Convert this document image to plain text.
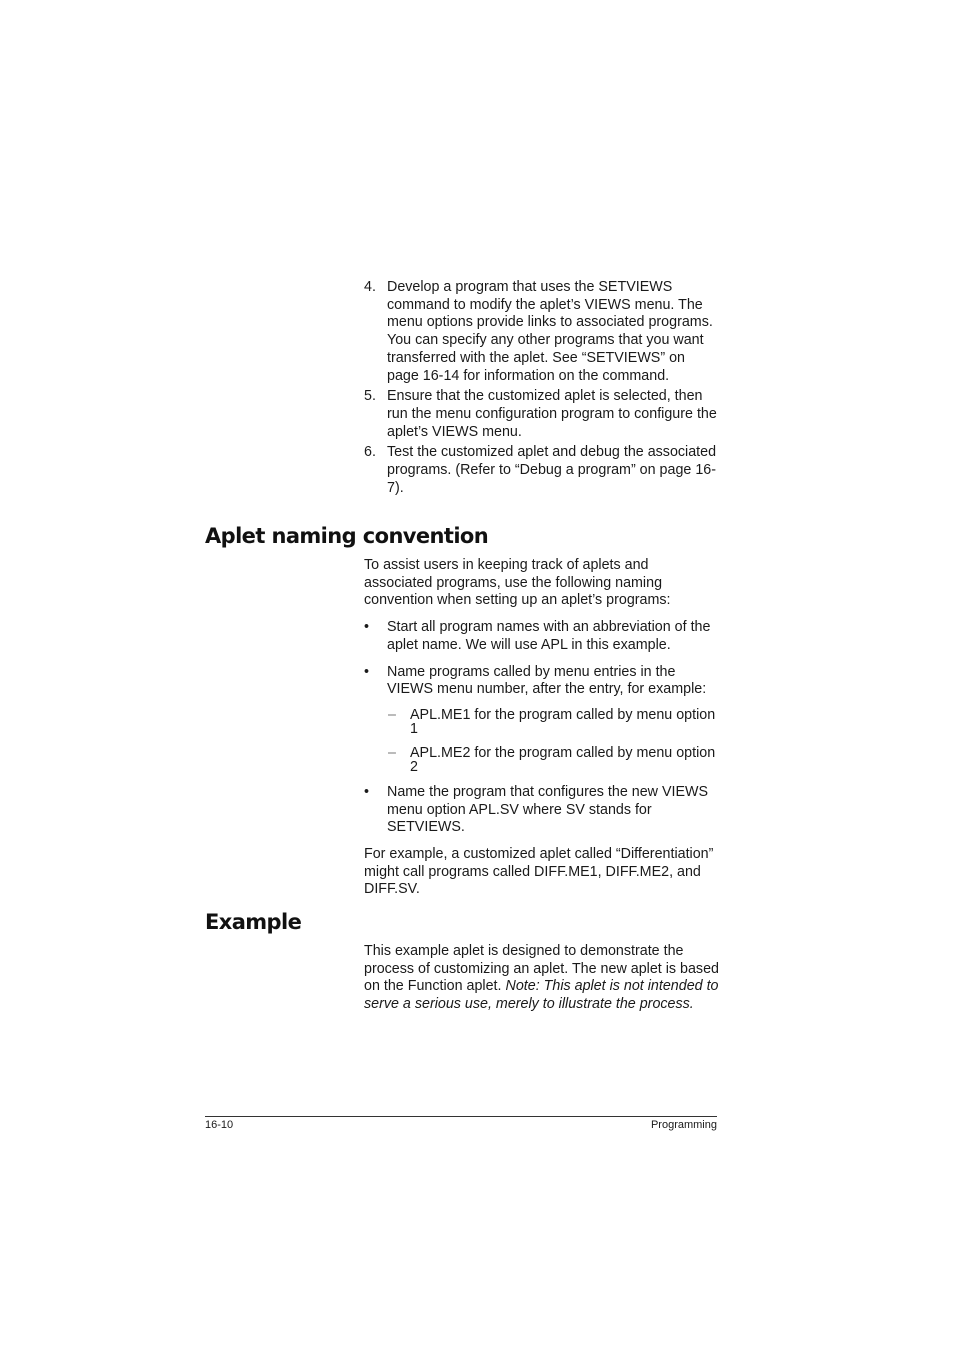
4. Develop a program that uses the SETVIEWS command to modify the aplet’s VIEWS menu. The menu options provide links to associated programs. You can specify any other programs that you want transferred with the aplet. See “SETVIEWS” on page 16-14 for information on the command.
5. Ensure that the customized aplet is selected, then run the menu configuration program to configure the aplet’s VIEWS menu.
6. Test the customized aplet and debug the associated programs. (Refer to “Debug a program” on page 16-7).
Aplet naming convention

To assist users in keeping track of aplets and associated programs, use the following naming convention when setting up an aplet’s programs:

• Start all program names with an abbreviation of the aplet name. We will use APL in this example.
• Name programs called by menu entries in the VIEWS menu number, after the entry, for example:
– APL.ME1 for the program called by menu option 1
– APL.ME2 for the program called by menu option 2
• Name the program that configures the new VIEWS menu option APL.SV where SV stands for SETVIEWS.

For example, a customized aplet called “Differentiation” might call programs called DIFF.ME1, DIFF.ME2, and DIFF.SV.

Example

This example aplet is designed to demonstrate the process of customizing an aplet. The new aplet is based on the Function aplet. Note: This aplet is not intended to serve a serious use, merely to illustrate the process.

16-10	Programming
